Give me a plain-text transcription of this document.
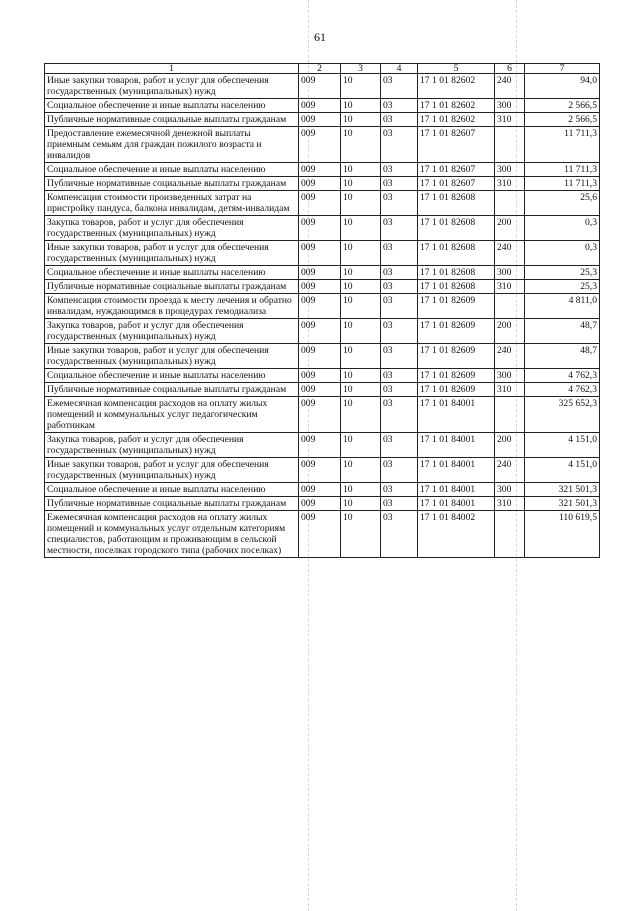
61
1	2	3	4	5	6	7
Иные закупки товаров, работ и услуг для обеспечения государственных (муниципальных) нужд	009	10	03	17 1 01 82602	240	94,0
Социальное обеспечение и иные выплаты населению	009	10	03	17 1 01 82602	300	2 566,5
Публичные нормативные социальные выплаты гражданам	009	10	03	17 1 01 82602	310	2 566,5
Предоставление ежемесячной денежной выплаты приемным семьям для граждан пожилого возраста и инвалидов	009	10	03	17 1 01 82607		11 711,3
Социальное обеспечение и иные выплаты населению	009	10	03	17 1 01 82607	300	11 711,3
Публичные нормативные социальные выплаты гражданам	009	10	03	17 1 01 82607	310	11 711,3
Компенсация стоимости произведенных затрат на пристройку пандуса, балкона инвалидам, детям-инвалидам	009	10	03	17 1 01 82608		25,6
Закупка товаров, работ и услуг для обеспечения государственных (муниципальных) нужд	009	10	03	17 1 01 82608	200	0,3
Иные закупки товаров, работ и услуг для обеспечения государственных (муниципальных) нужд	009	10	03	17 1 01 82608	240	0,3
Социальное обеспечение и иные выплаты населению	009	10	03	17 1 01 82608	300	25,3
Публичные нормативные социальные выплаты гражданам	009	10	03	17 1 01 82608	310	25,3
Компенсация стоимости проезда к месту лечения и обратно инвалидам, нуждающимся в процедурах гемодиализа	009	10	03	17 1 01 82609		4 811,0
Закупка товаров, работ и услуг для обеспечения государственных (муниципальных) нужд	009	10	03	17 1 01 82609	200	48,7
Иные закупки товаров, работ и услуг для обеспечения государственных (муниципальных) нужд	009	10	03	17 1 01 82609	240	48,7
Социальное обеспечение и иные выплаты населению	009	10	03	17 1 01 82609	300	4 762,3
Публичные нормативные социальные выплаты гражданам	009	10	03	17 1 01 82609	310	4 762,3
Ежемесячная компенсация расходов на оплату жилых помещений и коммунальных услуг педагогическим работникам	009	10	03	17 1 01 84001		325 652,3
Закупка товаров, работ и услуг для обеспечения государственных (муниципальных) нужд	009	10	03	17 1 01 84001	200	4 151,0
Иные закупки товаров, работ и услуг для обеспечения государственных (муниципальных) нужд	009	10	03	17 1 01 84001	240	4 151,0
Социальное обеспечение и иные выплаты населению	009	10	03	17 1 01 84001	300	321 501,3
Публичные нормативные социальные выплаты гражданам	009	10	03	17 1 01 84001	310	321 501,3
Ежемесячная компенсация расходов на оплату жилых помещений и коммунальных услуг отдельным категориям специалистов, работающим и проживающим в сельской местности, поселках городского типа (рабочих поселках)	009	10	03	17 1 01 84002		110 619,5
